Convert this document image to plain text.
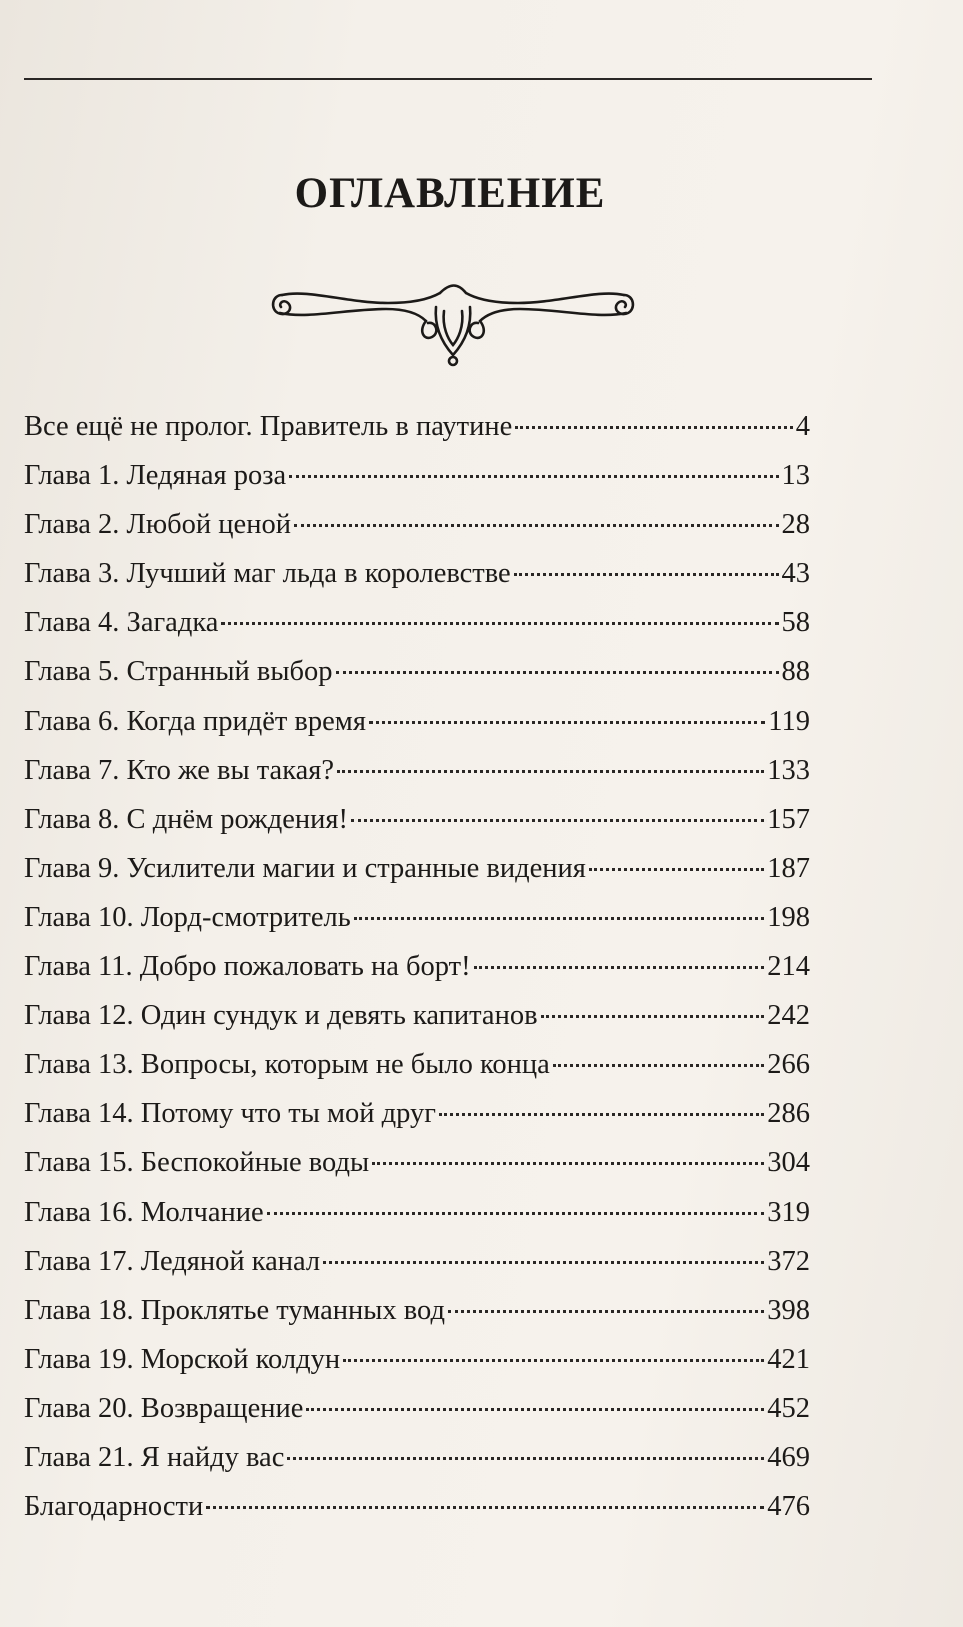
ОГЛАВЛЕНИЕ
Все ещё не пролог. Правитель в паутине	4
Глава 1. Ледяная роза	13
Глава 2. Любой ценой	28
Глава 3. Лучший маг льда в королевстве	43
Глава 4. Загадка	58
Глава 5. Странный выбор	88
Глава 6. Когда придёт время	119
Глава 7. Кто же вы такая?	133
Глава 8. С днём рождения!	157
Глава 9. Усилители магии и странные видения	187
Глава 10. Лорд-смотритель	198
Глава 11. Добро пожаловать на борт!	214
Глава 12. Один сундук и девять капитанов	242
Глава 13. Вопросы, которым не было конца	266
Глава 14. Потому что ты мой друг	286
Глава 15. Беспокойные воды	304
Глава 16. Молчание	319
Глава 17. Ледяной канал	372
Глава 18. Проклятье туманных вод	398
Глава 19. Морской колдун	421
Глава 20. Возвращение	452
Глава 21. Я найду вас	469
Благодарности	476
